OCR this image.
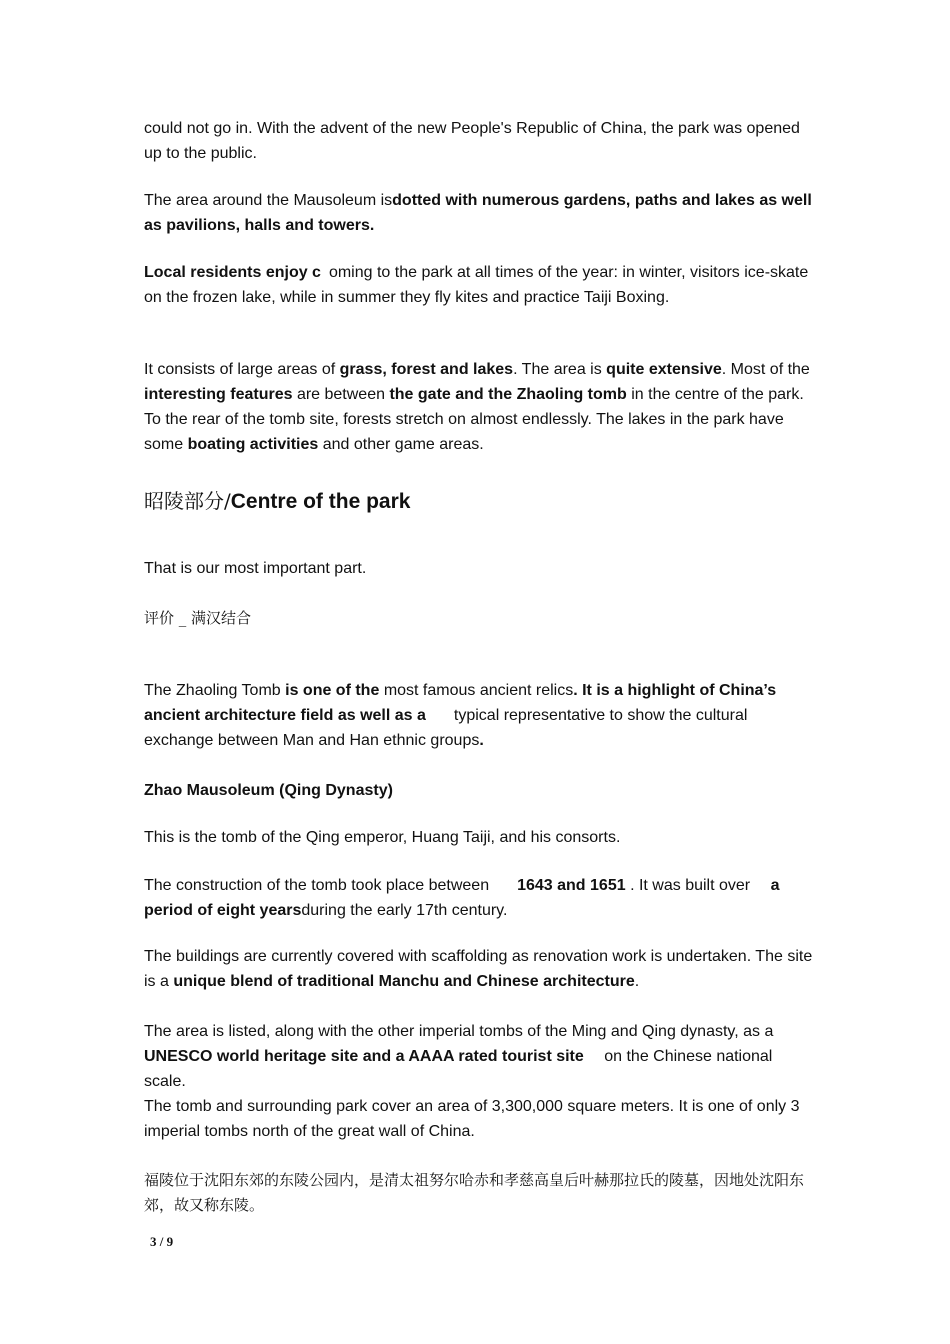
could not go in. With the advent of the new People's Republic of China, the park was opened up to the public.

The area around the Mausoleum isdotted with numerous gardens, paths and lakes as well as pavilions, halls and towers.

Local residents enjoy c oming to the park at all times of the year: in winter, visitors ice-skate on the frozen lake, while in summer they fly kites and practice Taiji Boxing.

It consists of large areas of grass, forest and lakes. The area is quite extensive. Most of the interesting features are between the gate and the Zhaoling tomb in the centre of the park. To the rear of the tomb site, forests stretch on almost endlessly. The lakes in the park have some boating activities and other game areas.

昭陵部分/Centre of the park

That is our most important part.

评价 _ 满汉结合

The Zhaoling Tomb is one of the most famous ancient relics. It is a highlight of China’s ancient architecture field as well as a typical representative to show the cultural exchange between Man and Han ethnic groups.

Zhao Mausoleum (Qing Dynasty)

This is the tomb of the Qing emperor, Huang Taiji, and his consorts.

The construction of the tomb took place between 1643 and 1651 . It was built over a period of eight yearsduring the early 17th century.

The buildings are currently covered with scaffolding as renovation work is undertaken. The site is a unique blend of traditional Manchu and Chinese architecture.

The area is listed, along with the other imperial tombs of the Ming and Qing dynasty, as a UNESCO world heritage site and a AAAA rated tourist site on the Chinese national scale.
The tomb and surrounding park cover an area of 3,300,000 square meters. It is one of only 3 imperial tombs north of the great wall of China.

福陵位于沈阳东郊的东陵公园内，是清太祖努尔哈赤和孝慈高皇后叶赫那拉氏的陵墓，因地处沈阳东郊，故又称东陵。

3 / 9
